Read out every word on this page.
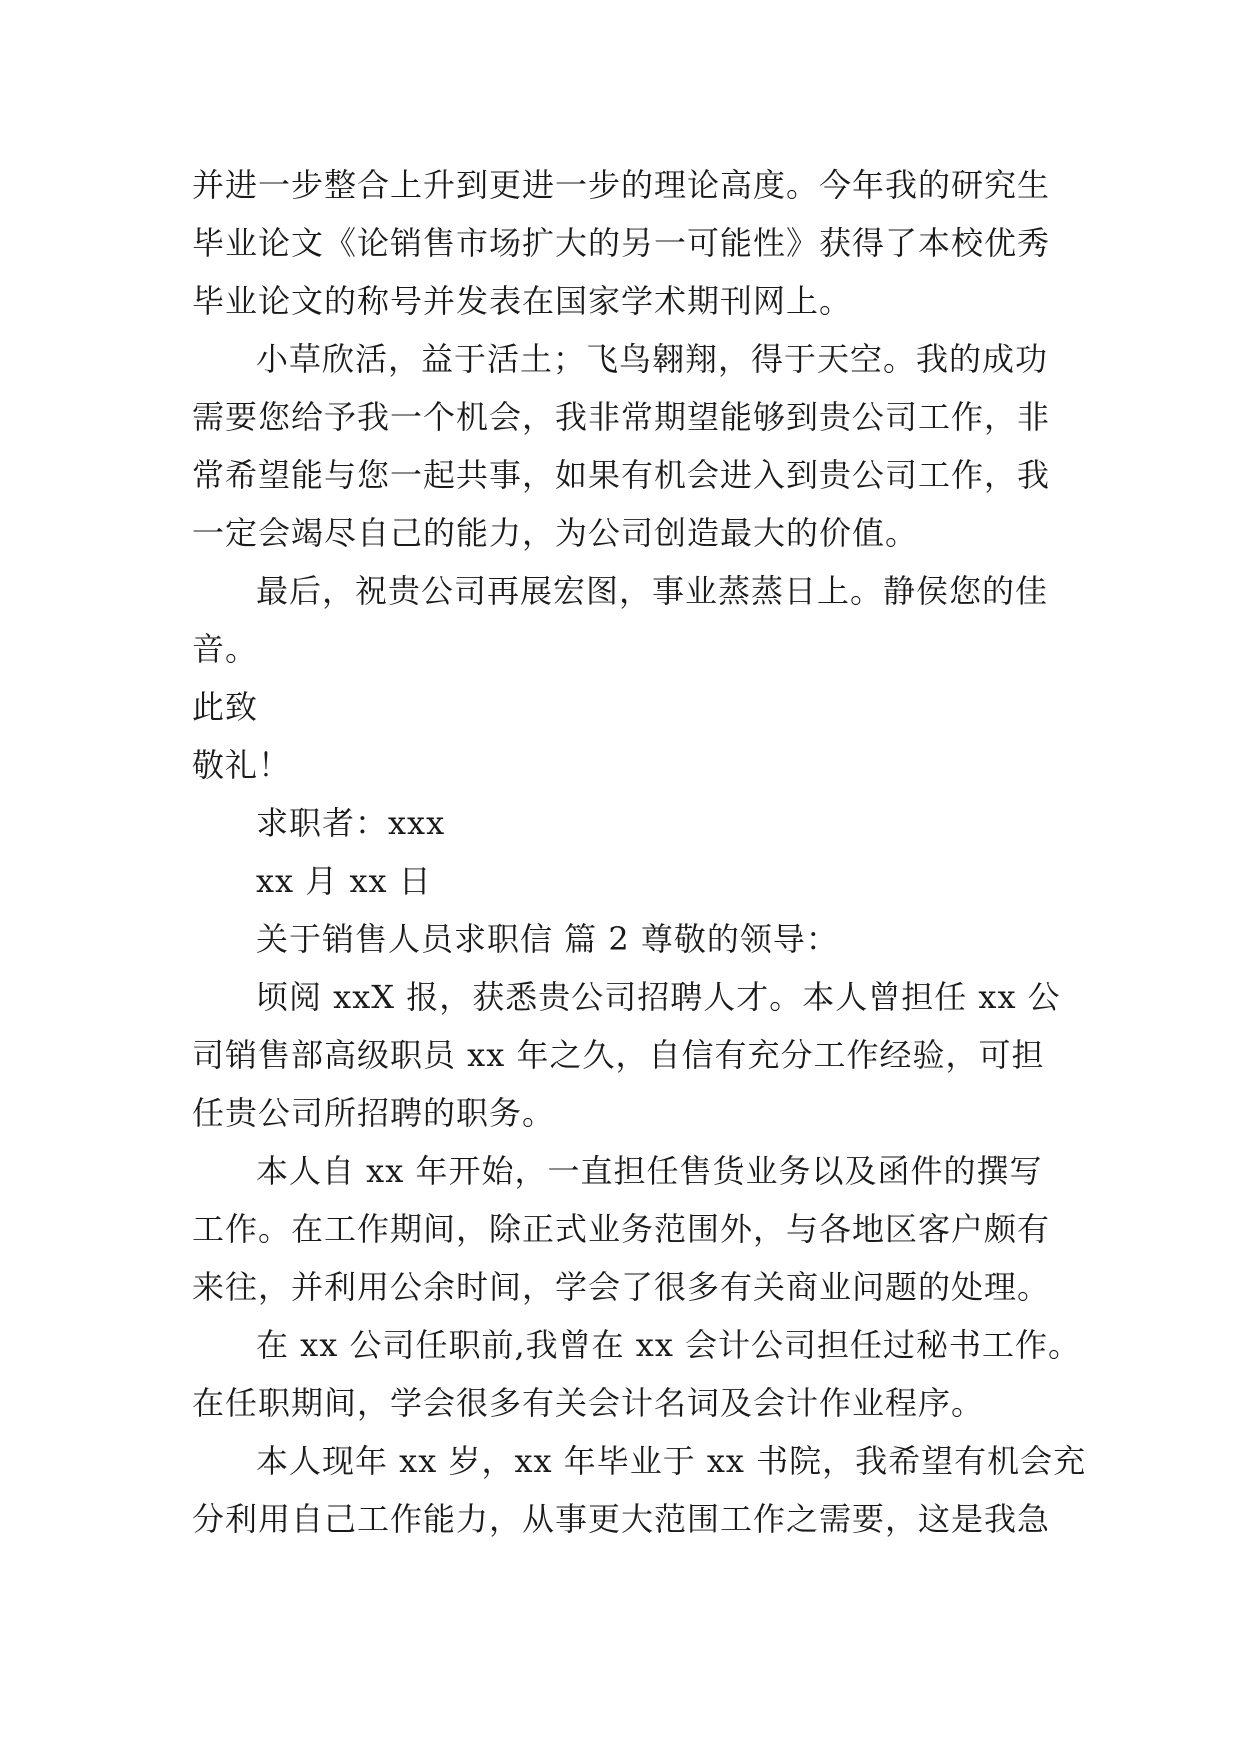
并进一步整合上升到更进一步的理论高度。今年我的研究生
毕业论文《论销售市场扩大的另一可能性》获得了本校优秀
毕业论文的称号并发表在国家学术期刊网上。
小草欣活，益于活土；飞鸟翱翔，得于天空。我的成功
需要您给予我一个机会，我非常期望能够到贵公司工作，非
常希望能与您一起共事，如果有机会进入到贵公司工作，我
一定会竭尽自己的能力，为公司创造最大的价值。
最后，祝贵公司再展宏图，事业蒸蒸日上。静侯您的佳
音。
此致
敬礼！
求职者：xxx
xx 月 xx 日
关于销售人员求职信 篇 2 尊敬的领导：
顷阅 xxX 报，获悉贵公司招聘人才。本人曾担任 xx 公
司销售部高级职员 xx 年之久，自信有充分工作经验，可担
任贵公司所招聘的职务。
本人自 xx 年开始，一直担任售货业务以及函件的撰写
工作。在工作期间，除正式业务范围外，与各地区客户颇有
来往，并利用公余时间，学会了很多有关商业问题的处理。
在 xx 公司任职前,我曾在 xx 会计公司担任过秘书工作。
在任职期间，学会很多有关会计名词及会计作业程序。
本人现年 xx 岁，xx 年毕业于 xx 书院，我希望有机会充
分利用自己工作能力，从事更大范围工作之需要，这是我急
